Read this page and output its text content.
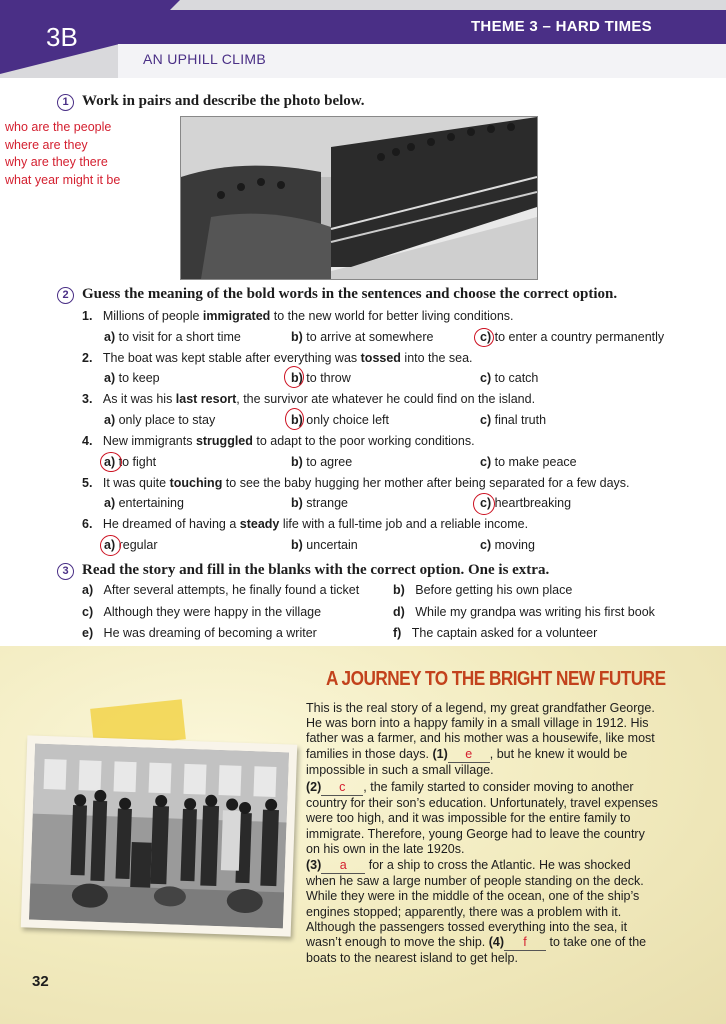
3B	THEME 3 – HARD TIMES
AN UPHILL CLIMB
1 Work in pairs and describe the photo below.
who are the people
where are they
why are they there
what year might it be
2 Guess the meaning of the bold words in the sentences and choose the correct option.
1. Millions of people immigrated to the new world for better living conditions.
a) to visit for a short time	b) to arrive at somewhere	c) to enter a country permanently
2. The boat was kept stable after everything was tossed into the sea.
a) to keep	b) to throw	c) to catch
3. As it was his last resort, the survivor ate whatever he could find on the island.
a) only place to stay	b) only choice left	c) final truth
4. New immigrants struggled to adapt to the poor working conditions.
a) to fight	b) to agree	c) to make peace
5. It was quite touching to see the baby hugging her mother after being separated for a few days.
a) entertaining	b) strange	c) heartbreaking
6. He dreamed of having a steady life with a full-time job and a reliable income.
a) regular	b) uncertain	c) moving
3 Read the story and fill in the blanks with the correct option. One is extra.
a) After several attempts, he finally found a ticket	b) Before getting his own place
c) Although they were happy in the village	d) While my grandpa was writing his first book
e) He was dreaming of becoming a writer	f) The captain asked for a volunteer
A JOURNEY TO THE BRIGHT NEW FUTURE
This is the real story of a legend, my great grandfather George. He was born into a happy family in a small village in 1912. His father was a farmer, and his mother was a housewife, like most families in those days. (1) e , but he knew it would be impossible in such a small village.
(2) c , the family started to consider moving to another country for their son’s education. Unfortunately, travel expenses were too high, and it was impossible for the entire family to immigrate. Therefore, young George had to leave the country on his own in the late 1920s.
(3) a for a ship to cross the Atlantic. He was shocked when he saw a large number of people standing on the deck. While they were in the middle of the ocean, one of the ship’s engines stopped; apparently, there was a problem with it. Although the passengers tossed everything into the sea, it wasn’t enough to move the ship. (4) f to take one of the boats to the nearest island to get help.
32
